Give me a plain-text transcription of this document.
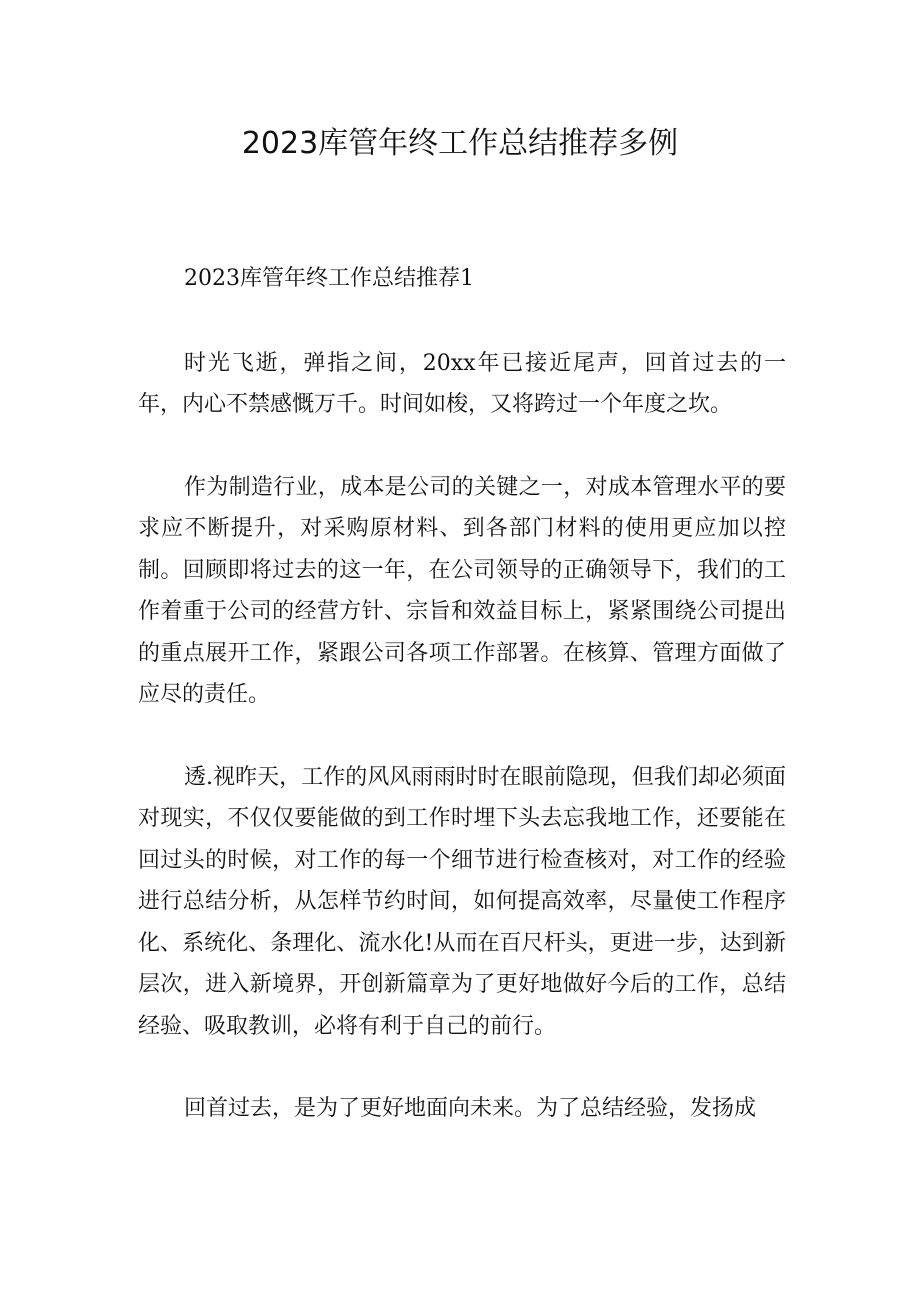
2023库管年终工作总结推荐多例

2023库管年终工作总结推荐1

时光飞逝，弹指之间，20xx年已接近尾声，回首过去的一年，内心不禁感慨万千。时间如梭，又将跨过一个年度之坎。

作为制造行业，成本是公司的关键之一，对成本管理水平的要求应不断提升，对采购原材料、到各部门材料的使用更应加以控制。回顾即将过去的这一年，在公司领导的正确领导下，我们的工作着重于公司的经营方针、宗旨和效益目标上，紧紧围绕公司提出的重点展开工作，紧跟公司各项工作部署。在核算、管理方面做了应尽的责任。

透.视昨天，工作的风风雨雨时时在眼前隐现，但我们却必须面对现实，不仅仅要能做的到工作时埋下头去忘我地工作，还要能在回过头的时候，对工作的每一个细节进行检查核对，对工作的经验进行总结分析，从怎样节约时间，如何提高效率，尽量使工作程序化、系统化、条理化、流水化!从而在百尺杆头，更进一步，达到新层次，进入新境界，开创新篇章为了更好地做好今后的工作，总结经验、吸取教训，必将有利于自己的前行。

回首过去，是为了更好地面向未来。为了总结经验，发扬成
